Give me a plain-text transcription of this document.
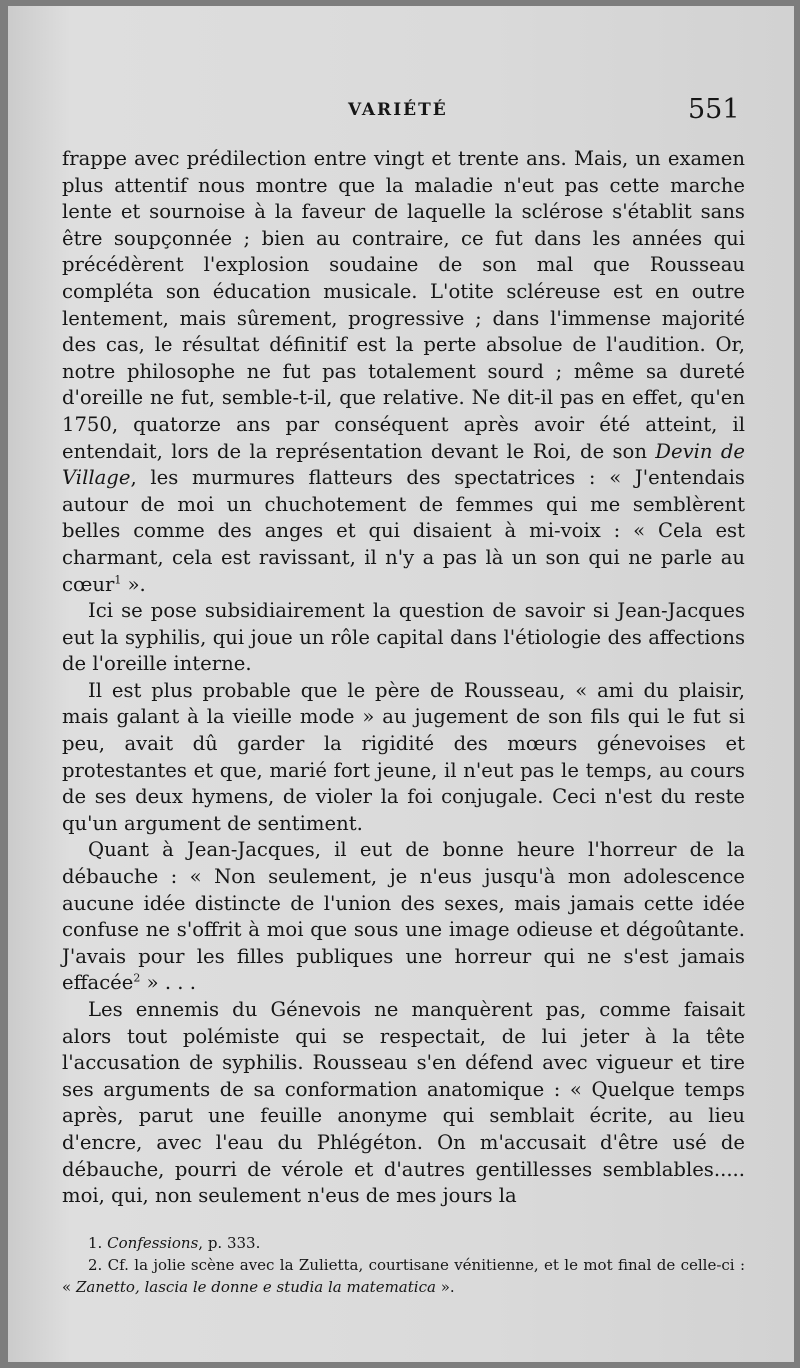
VARIÉTÉ	551

frappe avec prédilection entre vingt et trente ans. Mais, un examen plus attentif nous montre que la maladie n'eut pas cette marche lente et sournoise à la faveur de laquelle la sclérose s'établit sans être soupçonnée ; bien au contraire, ce fut dans les années qui précédèrent l'explosion soudaine de son mal que Rousseau compléta son éducation musicale. L'otite scléreuse est en outre lentement, mais sûrement, progressive ; dans l'immense majorité des cas, le résultat définitif est la perte absolue de l'audition. Or, notre philosophe ne fut pas totalement sourd ; même sa dureté d'oreille ne fut, semble-t-il, que relative. Ne dit-il pas en effet, qu'en 1750, quatorze ans par conséquent après avoir été atteint, il entendait, lors de la représentation devant le Roi, de son Devin de Village, les murmures flatteurs des spectatrices : « J'entendais autour de moi un chuchotement de femmes qui me semblèrent belles comme des anges et qui disaient à mi-voix : « Cela est charmant, cela est ravissant, il n'y a pas là un son qui ne parle au cœur$^1$ ».

Ici se pose subsidiairement la question de savoir si Jean-Jacques eut la syphilis, qui joue un rôle capital dans l'étiologie des affections de l'oreille interne.

Il est plus probable que le père de Rousseau, « ami du plaisir, mais galant à la vieille mode » au jugement de son fils qui le fut si peu, avait dû garder la rigidité des mœurs génevoises et protestantes et que, marié fort jeune, il n'eut pas le temps, au cours de ses deux hymens, de violer la foi conjugale. Ceci n'est du reste qu'un argument de sentiment.

Quant à Jean-Jacques, il eut de bonne heure l'horreur de la débauche : « Non seulement, je n'eus jusqu'à mon adolescence aucune idée distincte de l'union des sexes, mais jamais cette idée confuse ne s'offrit à moi que sous une image odieuse et dégoûtante. J'avais pour les filles publiques une horreur qui ne s'est jamais effacée$^2$ » . . .

Les ennemis du Génevois ne manquèrent pas, comme faisait alors tout polémiste qui se respectait, de lui jeter à la tête l'accusation de syphilis. Rousseau s'en défend avec vigueur et tire ses arguments de sa conformation anatomique : « Quelque temps après, parut une feuille anonyme qui semblait écrite, au lieu d'encre, avec l'eau du Phlégéton. On m'accusait d'être usé de débauche, pourri de vérole et d'autres gentillesses semblables..... moi, qui, non seulement n'eus de mes jours la

1. Confessions, p. 333.

2. Cf. la jolie scène avec la Zulietta, courtisane vénitienne, et le mot final de celle-ci : « Zanetto, lascia le donne e studia la matematica ».
